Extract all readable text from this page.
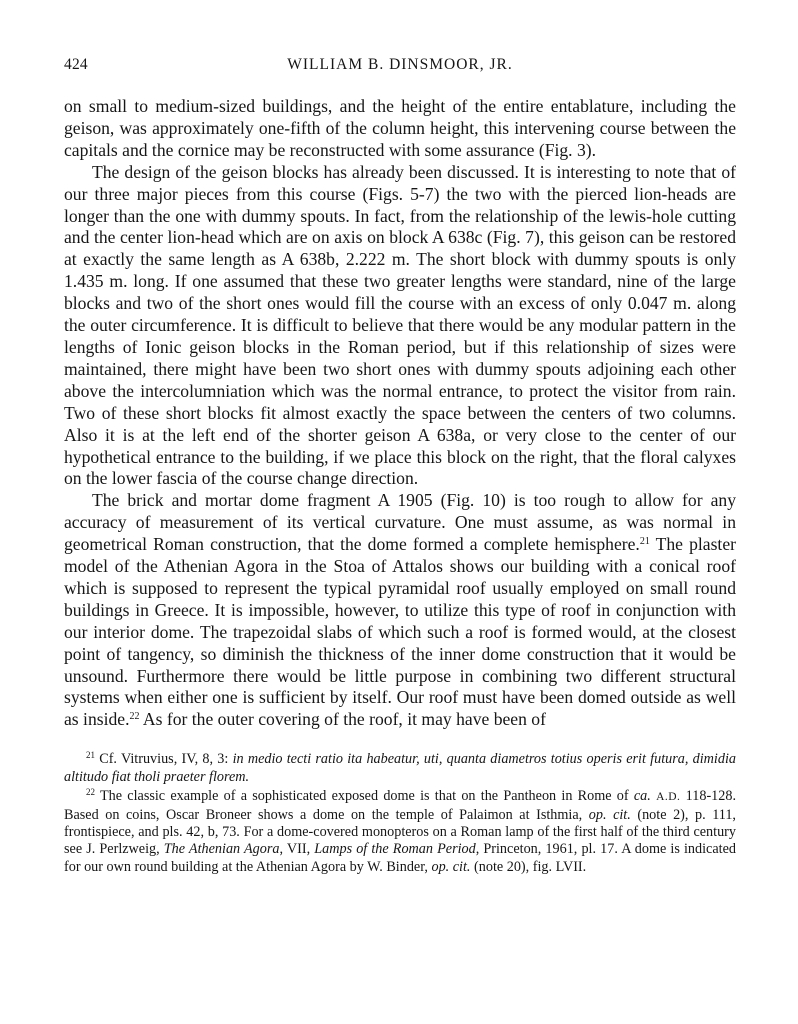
424	WILLIAM B. DINSMOOR, JR.

on small to medium-sized buildings, and the height of the entire entablature, including the geison, was approximately one-fifth of the column height, this intervening course between the capitals and the cornice may be reconstructed with some assurance (Fig. 3).

The design of the geison blocks has already been discussed. It is interesting to note that of our three major pieces from this course (Figs. 5-7) the two with the pierced lion-heads are longer than the one with dummy spouts. In fact, from the relationship of the lewis-hole cutting and the center lion-head which are on axis on block A 638c (Fig. 7), this geison can be restored at exactly the same length as A 638b, 2.222 m. The short block with dummy spouts is only 1.435 m. long. If one assumed that these two greater lengths were standard, nine of the large blocks and two of the short ones would fill the course with an excess of only 0.047 m. along the outer circumference. It is difficult to believe that there would be any modular pattern in the lengths of Ionic geison blocks in the Roman period, but if this relationship of sizes were maintained, there might have been two short ones with dummy spouts adjoining each other above the intercolumniation which was the normal entrance, to protect the visitor from rain. Two of these short blocks fit almost exactly the space between the centers of two columns. Also it is at the left end of the shorter geison A 638a, or very close to the center of our hypothetical entrance to the building, if we place this block on the right, that the floral calyxes on the lower fascia of the course change direction.

The brick and mortar dome fragment A 1905 (Fig. 10) is too rough to allow for any accuracy of measurement of its vertical curvature. One must assume, as was normal in geometrical Roman construction, that the dome formed a complete hemisphere.$^{21}$ The plaster model of the Athenian Agora in the Stoa of Attalos shows our building with a conical roof which is supposed to represent the typical pyramidal roof usually employed on small round buildings in Greece. It is impossible, however, to utilize this type of roof in conjunction with our interior dome. The trapezoidal slabs of which such a roof is formed would, at the closest point of tangency, so diminish the thickness of the inner dome construction that it would be unsound. Furthermore there would be little purpose in combining two different structural systems when either one is sufficient by itself. Our roof must have been domed outside as well as inside.$^{22}$ As for the outer covering of the roof, it may have been of

$^{21}$ Cf. Vitruvius, IV, 8, 3: in medio tecti ratio ita habeatur, uti, quanta diametros totius operis erit futura, dimidia altitudo fiat tholi praeter florem.

$^{22}$ The classic example of a sophisticated exposed dome is that on the Pantheon in Rome of ca. A.D. 118-128. Based on coins, Oscar Broneer shows a dome on the temple of Palaimon at Isthmia, op. cit. (note 2), p. 111, frontispiece, and pls. 42, b, 73. For a dome-covered monopteros on a Roman lamp of the first half of the third century see J. Perlzweig, The Athenian Agora, VII, Lamps of the Roman Period, Princeton, 1961, pl. 17. A dome is indicated for our own round building at the Athenian Agora by W. Binder, op. cit. (note 20), fig. LVII.
